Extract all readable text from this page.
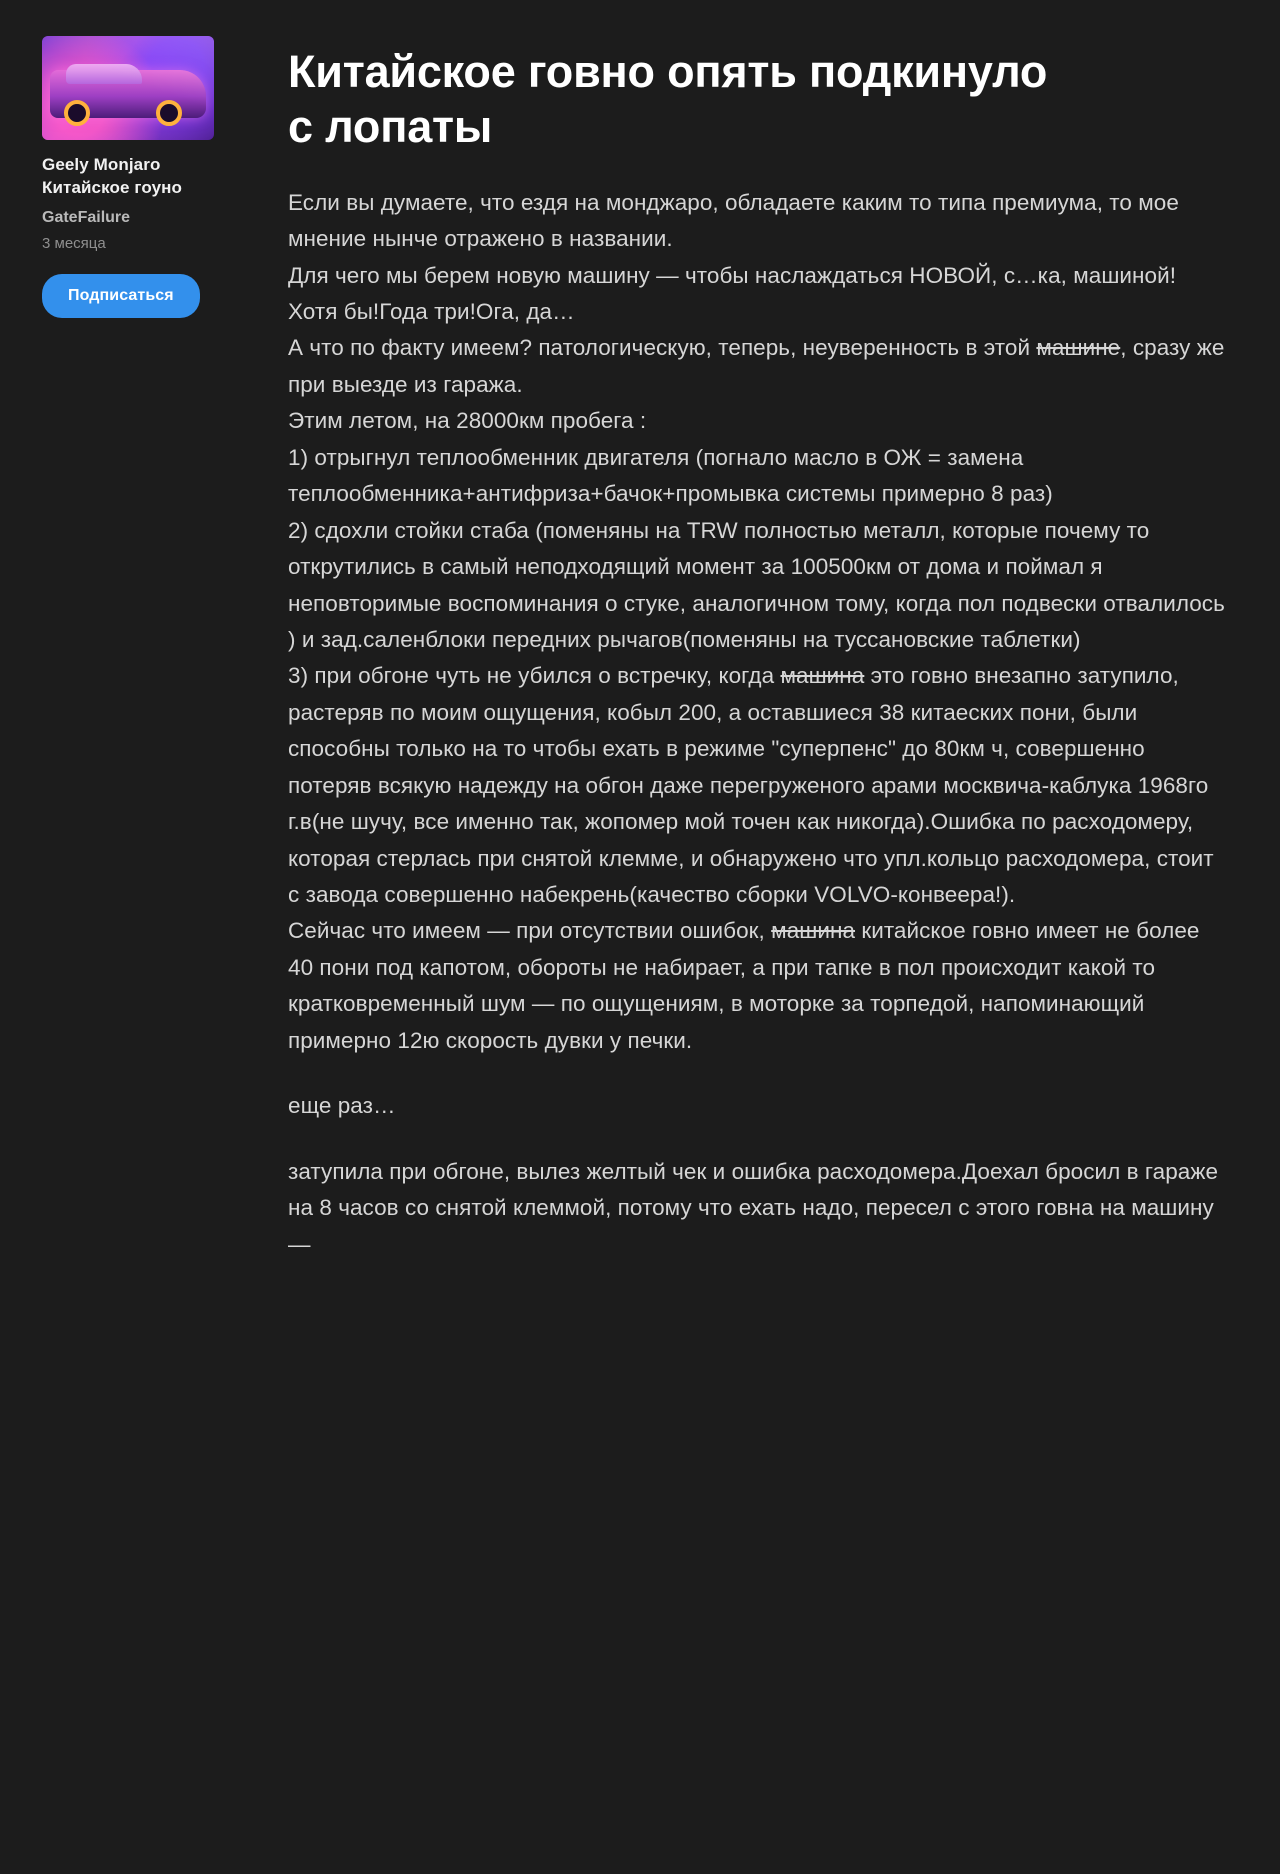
Geely Monjaro Китайское гоуно
GateFailure
3 месяца
Подписаться
Китайское говно опять подкинуло с лопаты

Если вы думаете, что ездя на монджаро, обладаете каким то типа премиума, то мое мнение нынче отражено в названии.

Для чего мы берем новую машину — чтобы наслаждаться НОВОЙ, с…ка, машиной! Хотя бы!Года три!Ога, да…

А что по факту имеем? патологическую, теперь, неуверенность в этой машине, сразу же при выезде из гаража.

Этим летом, на 28000км пробега :

1) отрыгнул теплообменник двигателя (погнало масло в ОЖ = замена теплообменника+антифриза+бачок+промывка системы примерно 8 раз)

2) сдохли стойки стаба (поменяны на TRW полностью металл, которые почему то открутились в самый неподходящий момент за 100500км от дома и поймал я неповторимые воспоминания о стуке, аналогичном тому, когда пол подвески отвалилось ) и зад.саленблоки передних рычагов(поменяны на туссановские таблетки)

3) при обгоне чуть не убился о встречку, когда машина это говно внезапно затупило, растеряв по моим ощущения, кобыл 200, а оставшиеся 38 китаеских пони, были способны только на то чтобы ехать в режиме "суперпенс" до 80км ч, совершенно потеряв всякую надежду на обгон даже перегруженого арами москвича-каблука 1968го г.в(не шучу, все именно так, жопомер мой точен как никогда).Ошибка по расходомеру, которая стерлась при снятой клемме, и обнаружено что упл.кольцо расходомера, стоит с завода совершенно набекрень(качество сборки VOLVO-конвеера!).

Сейчас что имеем — при отсутствии ошибок, машина китайское говно имеет не более 40 пони под капотом, обороты не набирает, а при тапке в пол происходит какой то кратковременный шум — по ощущениям, в моторке за торпедой, напоминающий примерно 12ю скорость дувки у печки.

еще раз…

затупила при обгоне, вылез желтый чек и ошибка расходомера.Доехал бросил в гараже на 8 часов со снятой клеммой, потому что ехать надо, пересел с этого говна на машину

—
